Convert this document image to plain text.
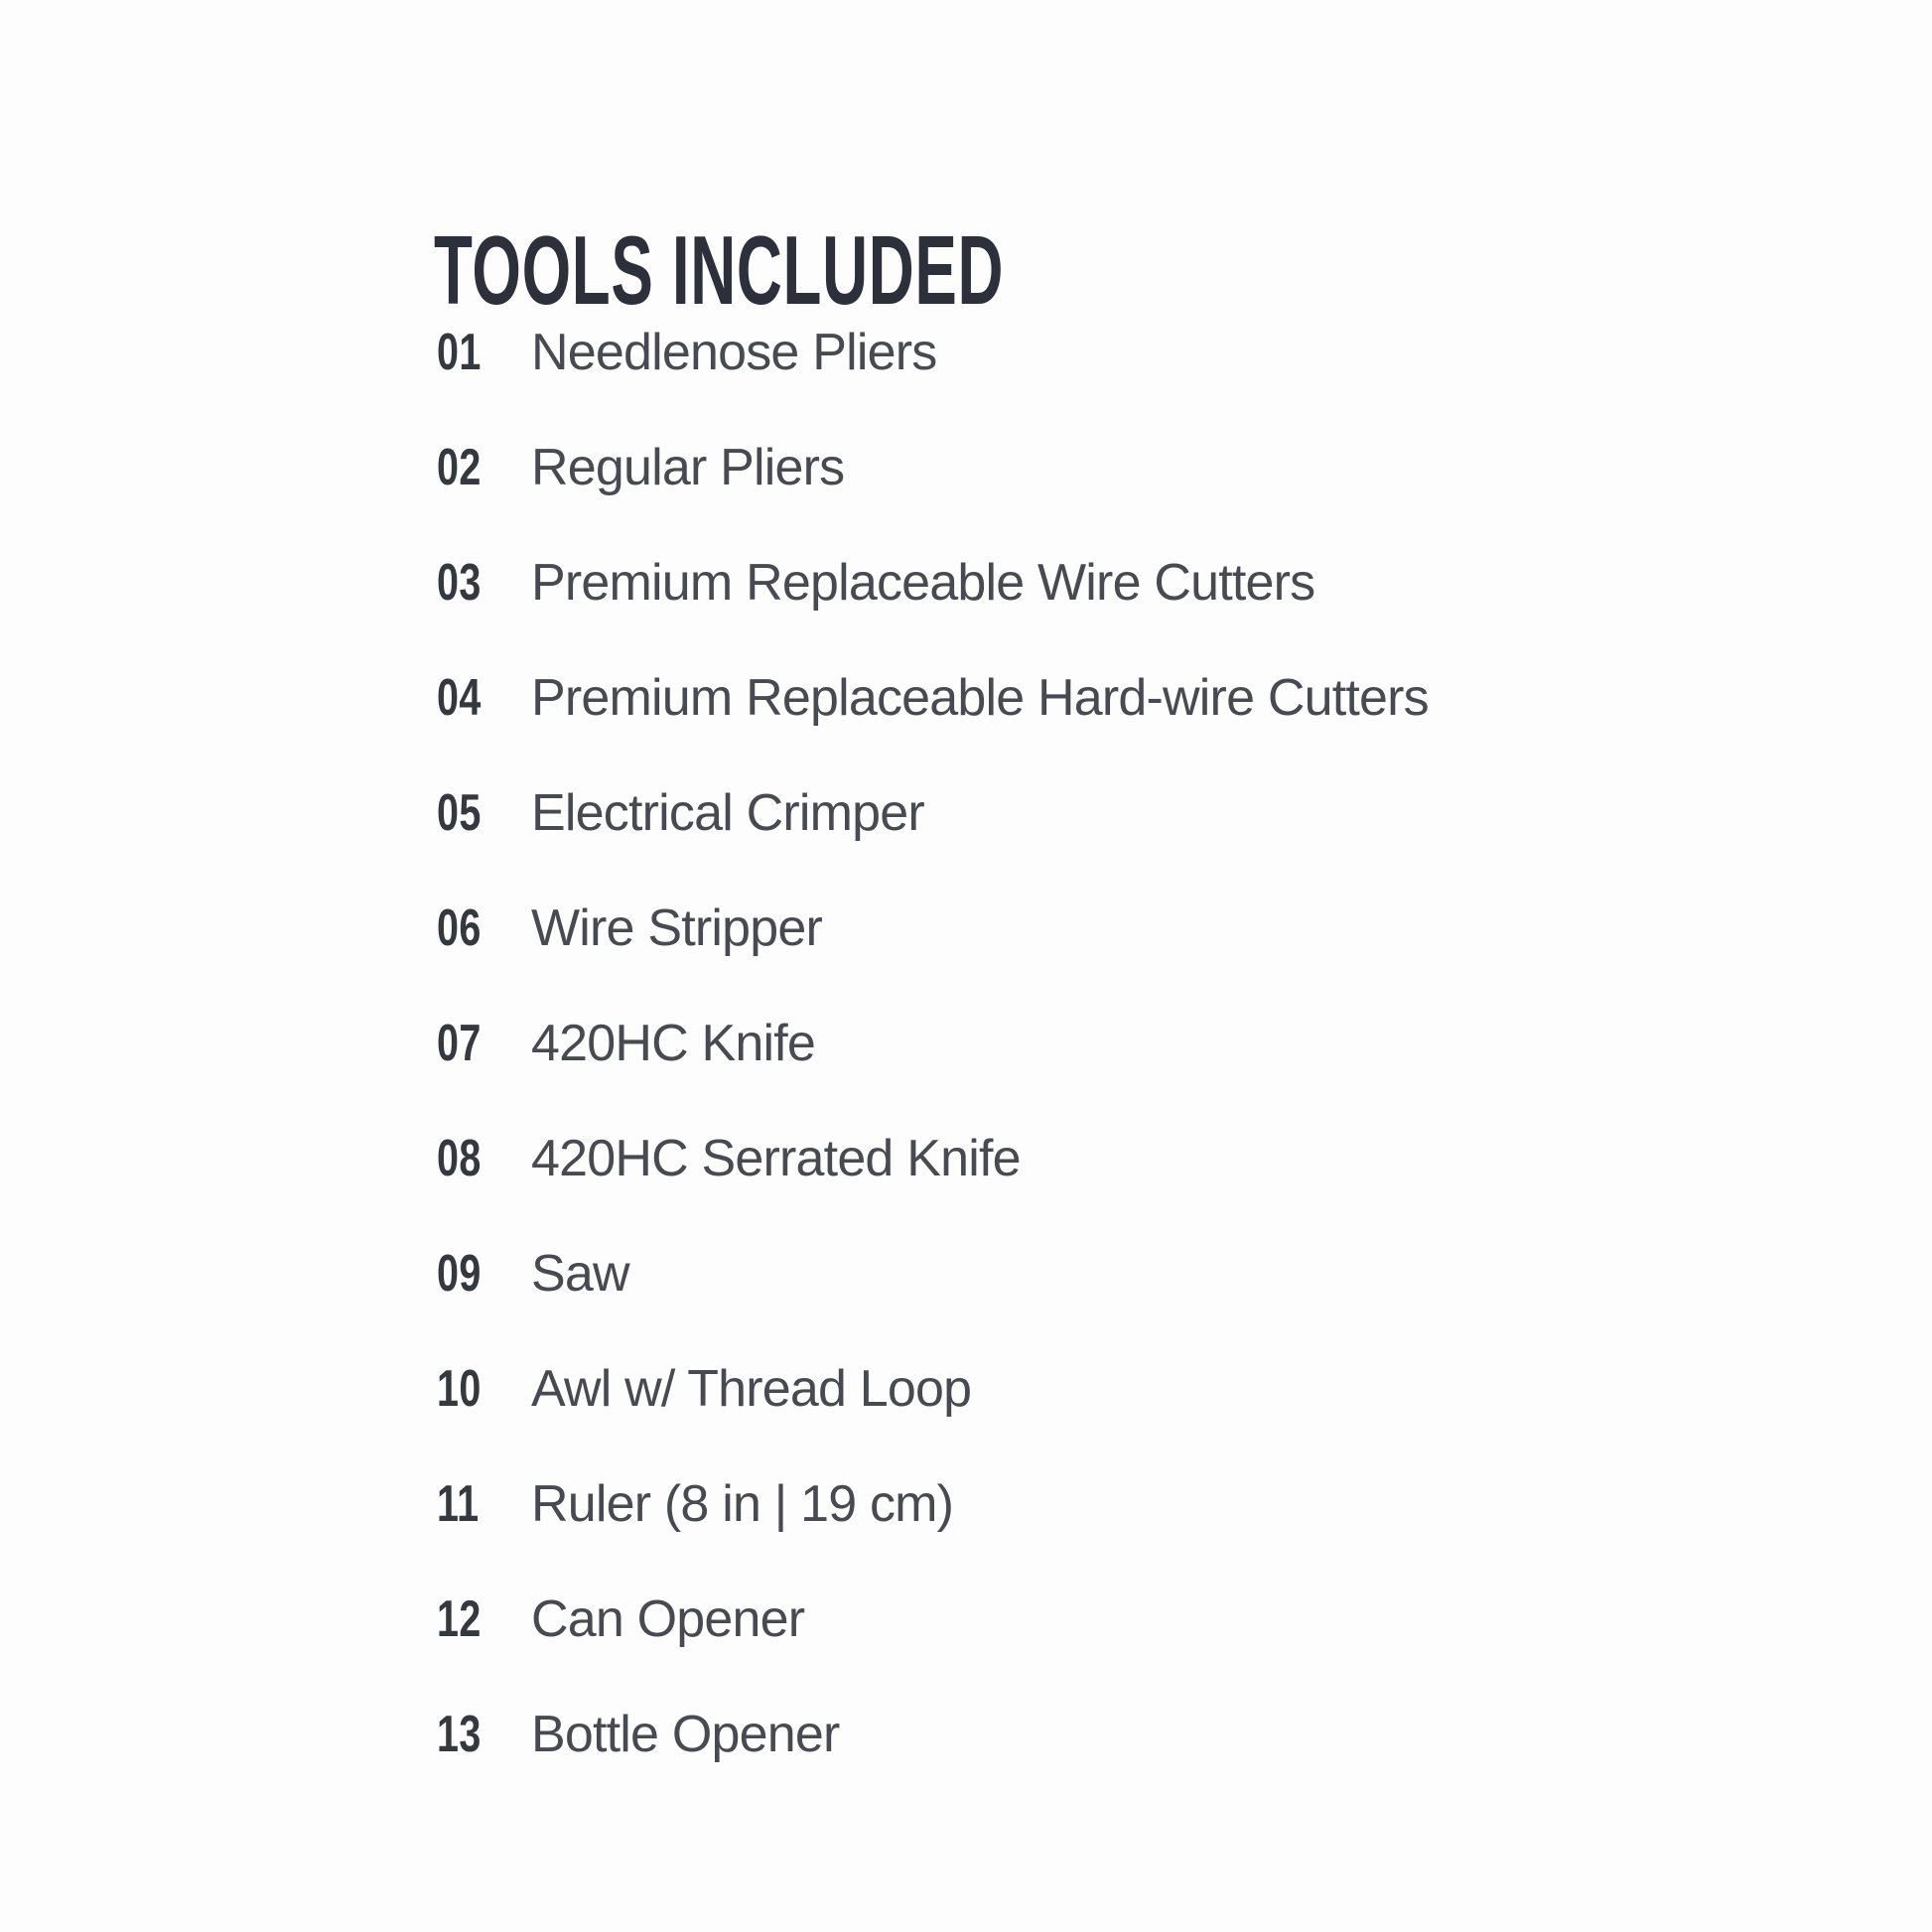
TOOLS INCLUDED
01 Needlenose Pliers
02 Regular Pliers
03 Premium Replaceable Wire Cutters
04 Premium Replaceable Hard-wire Cutters
05 Electrical Crimper
06 Wire Stripper
07 420HC Knife
08 420HC Serrated Knife
09 Saw
10 Awl w/ Thread Loop
11	Ruler (8 in | 19 cm)
12 Can Opener
13 Bottle Opener
